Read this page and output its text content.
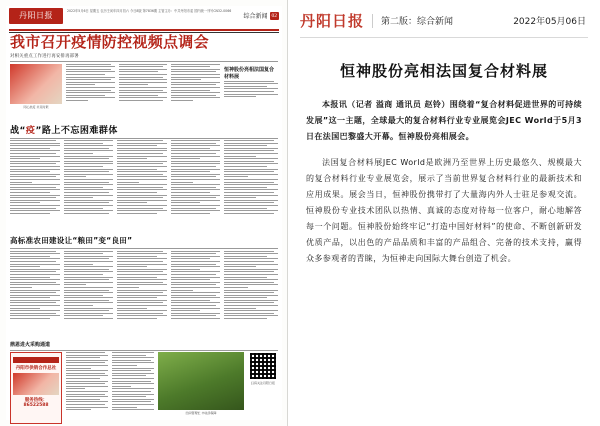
丹阳日报	2022年5月6日 星期五 农历壬寅年四月初六 今日8版 第7836期 主管主办：中共丹阳市委 国内统一刊号CN32-0066
综合新闻 02
我市召开疫情防控视频点调会
对相关重点工作进行再安排再部署
同心抗疫 共克时艰
恒神股份亮相法国复合材料展
战“疫”路上不忘困难群体
高标准农田建设让“粮田”变“良田”
鼎恩进火采购通道
丹阳市供销合作总社
服务热线：86522588
田间管理忙 丰收添保障
扫码关注丹阳日报
丹阳日报 第二版：综合新闻	2022年05月06日
恒神股份亮相法国复合材料展

本报讯（记者 溢商 通讯员 赵铃）围绕着“复合材料促进世界的可持续发展”这一主题，全球最大的复合材料行业专业展览会JEC World于5月3日在法国巴黎盛大开幕。恒神股份亮相展会。

法国复合材料展JEC World是欧洲乃至世界上历史最悠久、规模最大的复合材料行业专业展览会，展示了当前世界复合材料行业的最新技术和应用成果。展会当日，恒神股份携带打了大量海内外人士驻足参观交流。恒神股份专业技术团队以热情、真诚的态度对待每一位客户，耐心地解答每一个问题。恒神股份始终牢记“打造中国好材料”的使命、不断创新研发优质产品，以出色的产品品质和丰富的产品组合、完备的技术支持，赢得众多参观者的青睐，为恒神走向国际大舞台创造了机会。
